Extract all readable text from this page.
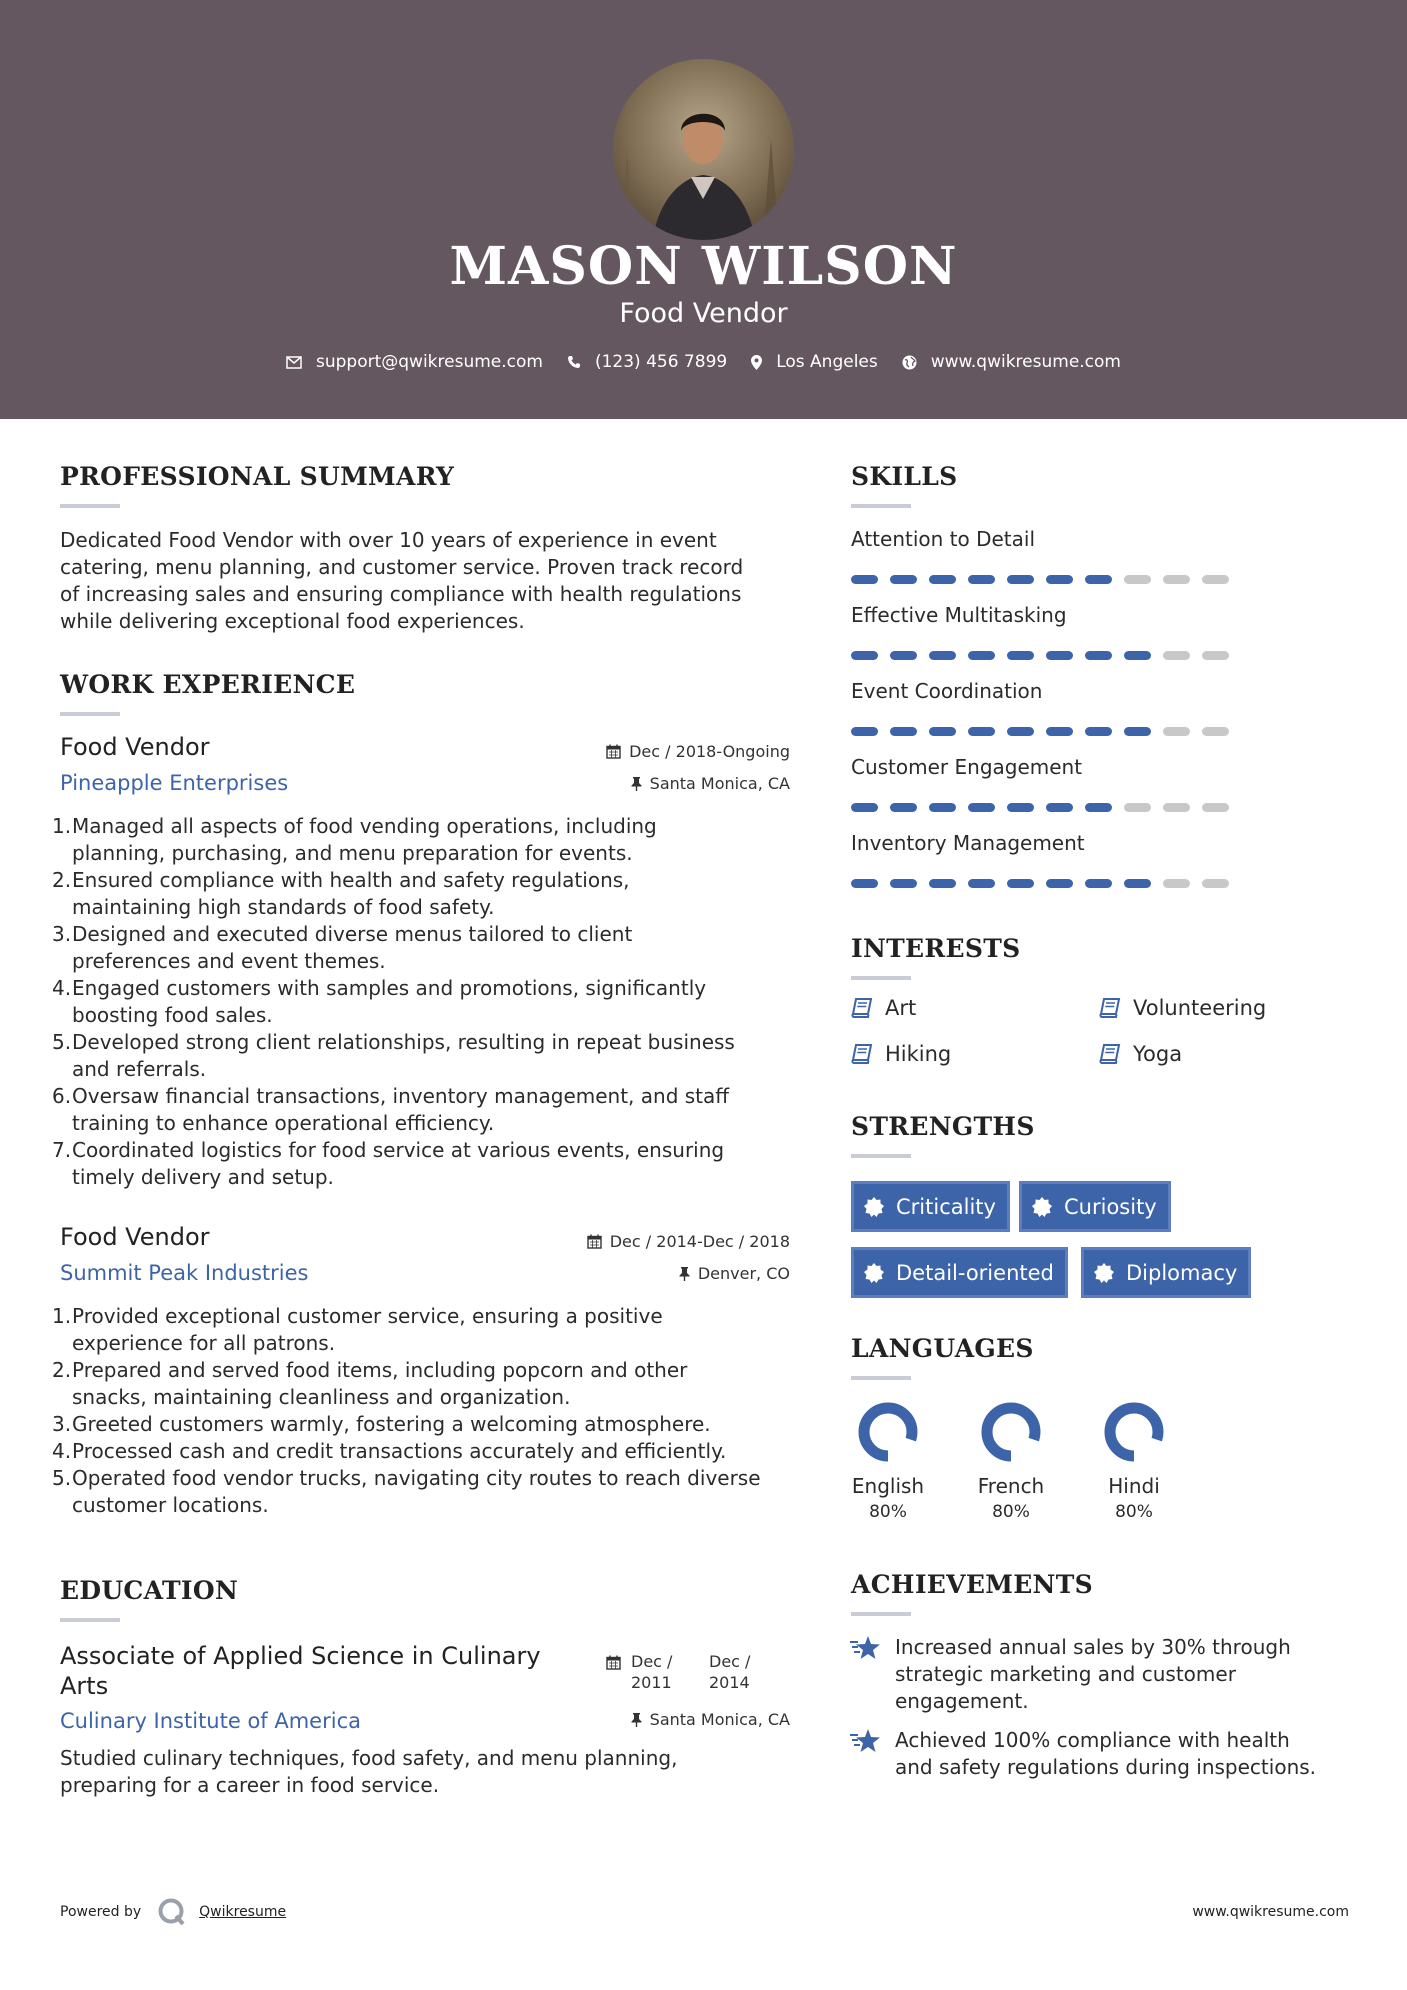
MASON WILSON
Food Vendor
support@qwikresume.com	(123) 456 7899	Los Angeles	www.qwikresume.com
PROFESSIONAL SUMMARY
Dedicated Food Vendor with over 10 years of experience in event
catering, menu planning, and customer service. Proven track record
of increasing sales and ensuring compliance with health regulations
while delivering exceptional food experiences.
WORK EXPERIENCE
Food Vendor
Pineapple Enterprises
Dec / 2018-Ongoing
Santa Monica, CA
1. Managed all aspects of food vending operations, including
planning, purchasing, and menu preparation for events.
2. Ensured compliance with health and safety regulations,
maintaining high standards of food safety.
3. Designed and executed diverse menus tailored to client
preferences and event themes.
4. Engaged customers with samples and promotions, significantly
boosting food sales.
5. Developed strong client relationships, resulting in repeat business
and referrals.
6. Oversaw financial transactions, inventory management, and staff
training to enhance operational efficiency.
7. Coordinated logistics for food service at various events, ensuring
timely delivery and setup.
Food Vendor
Summit Peak Industries
Dec / 2014-Dec / 2018
Denver, CO
1. Provided exceptional customer service, ensuring a positive
experience for all patrons.
2. Prepared and served food items, including popcorn and other
snacks, maintaining cleanliness and organization.
3. Greeted customers warmly, fostering a welcoming atmosphere.
4. Processed cash and credit transactions accurately and efficiently.
5. Operated food vendor trucks, navigating city routes to reach diverse
customer locations.
EDUCATION
Associate of Applied Science in Culinary
Arts
Culinary Institute of America
Dec /
2011
Dec /
2014
Santa Monica, CA
Studied culinary techniques, food safety, and menu planning,
preparing for a career in food service.
SKILLS
Attention to Detail
Effective Multitasking
Event Coordination
Customer Engagement
Inventory Management
INTERESTS
Art	Volunteering
Hiking	Yoga
STRENGTHS
Criticality	Curiosity
Detail-oriented	Diplomacy
LANGUAGES
English
80%
French
80%
Hindi
80%
ACHIEVEMENTS
Increased annual sales by 30% through
strategic marketing and customer
engagement.
Achieved 100% compliance with health
and safety regulations during inspections.
Powered by	Qwikresume	www.qwikresume.com
